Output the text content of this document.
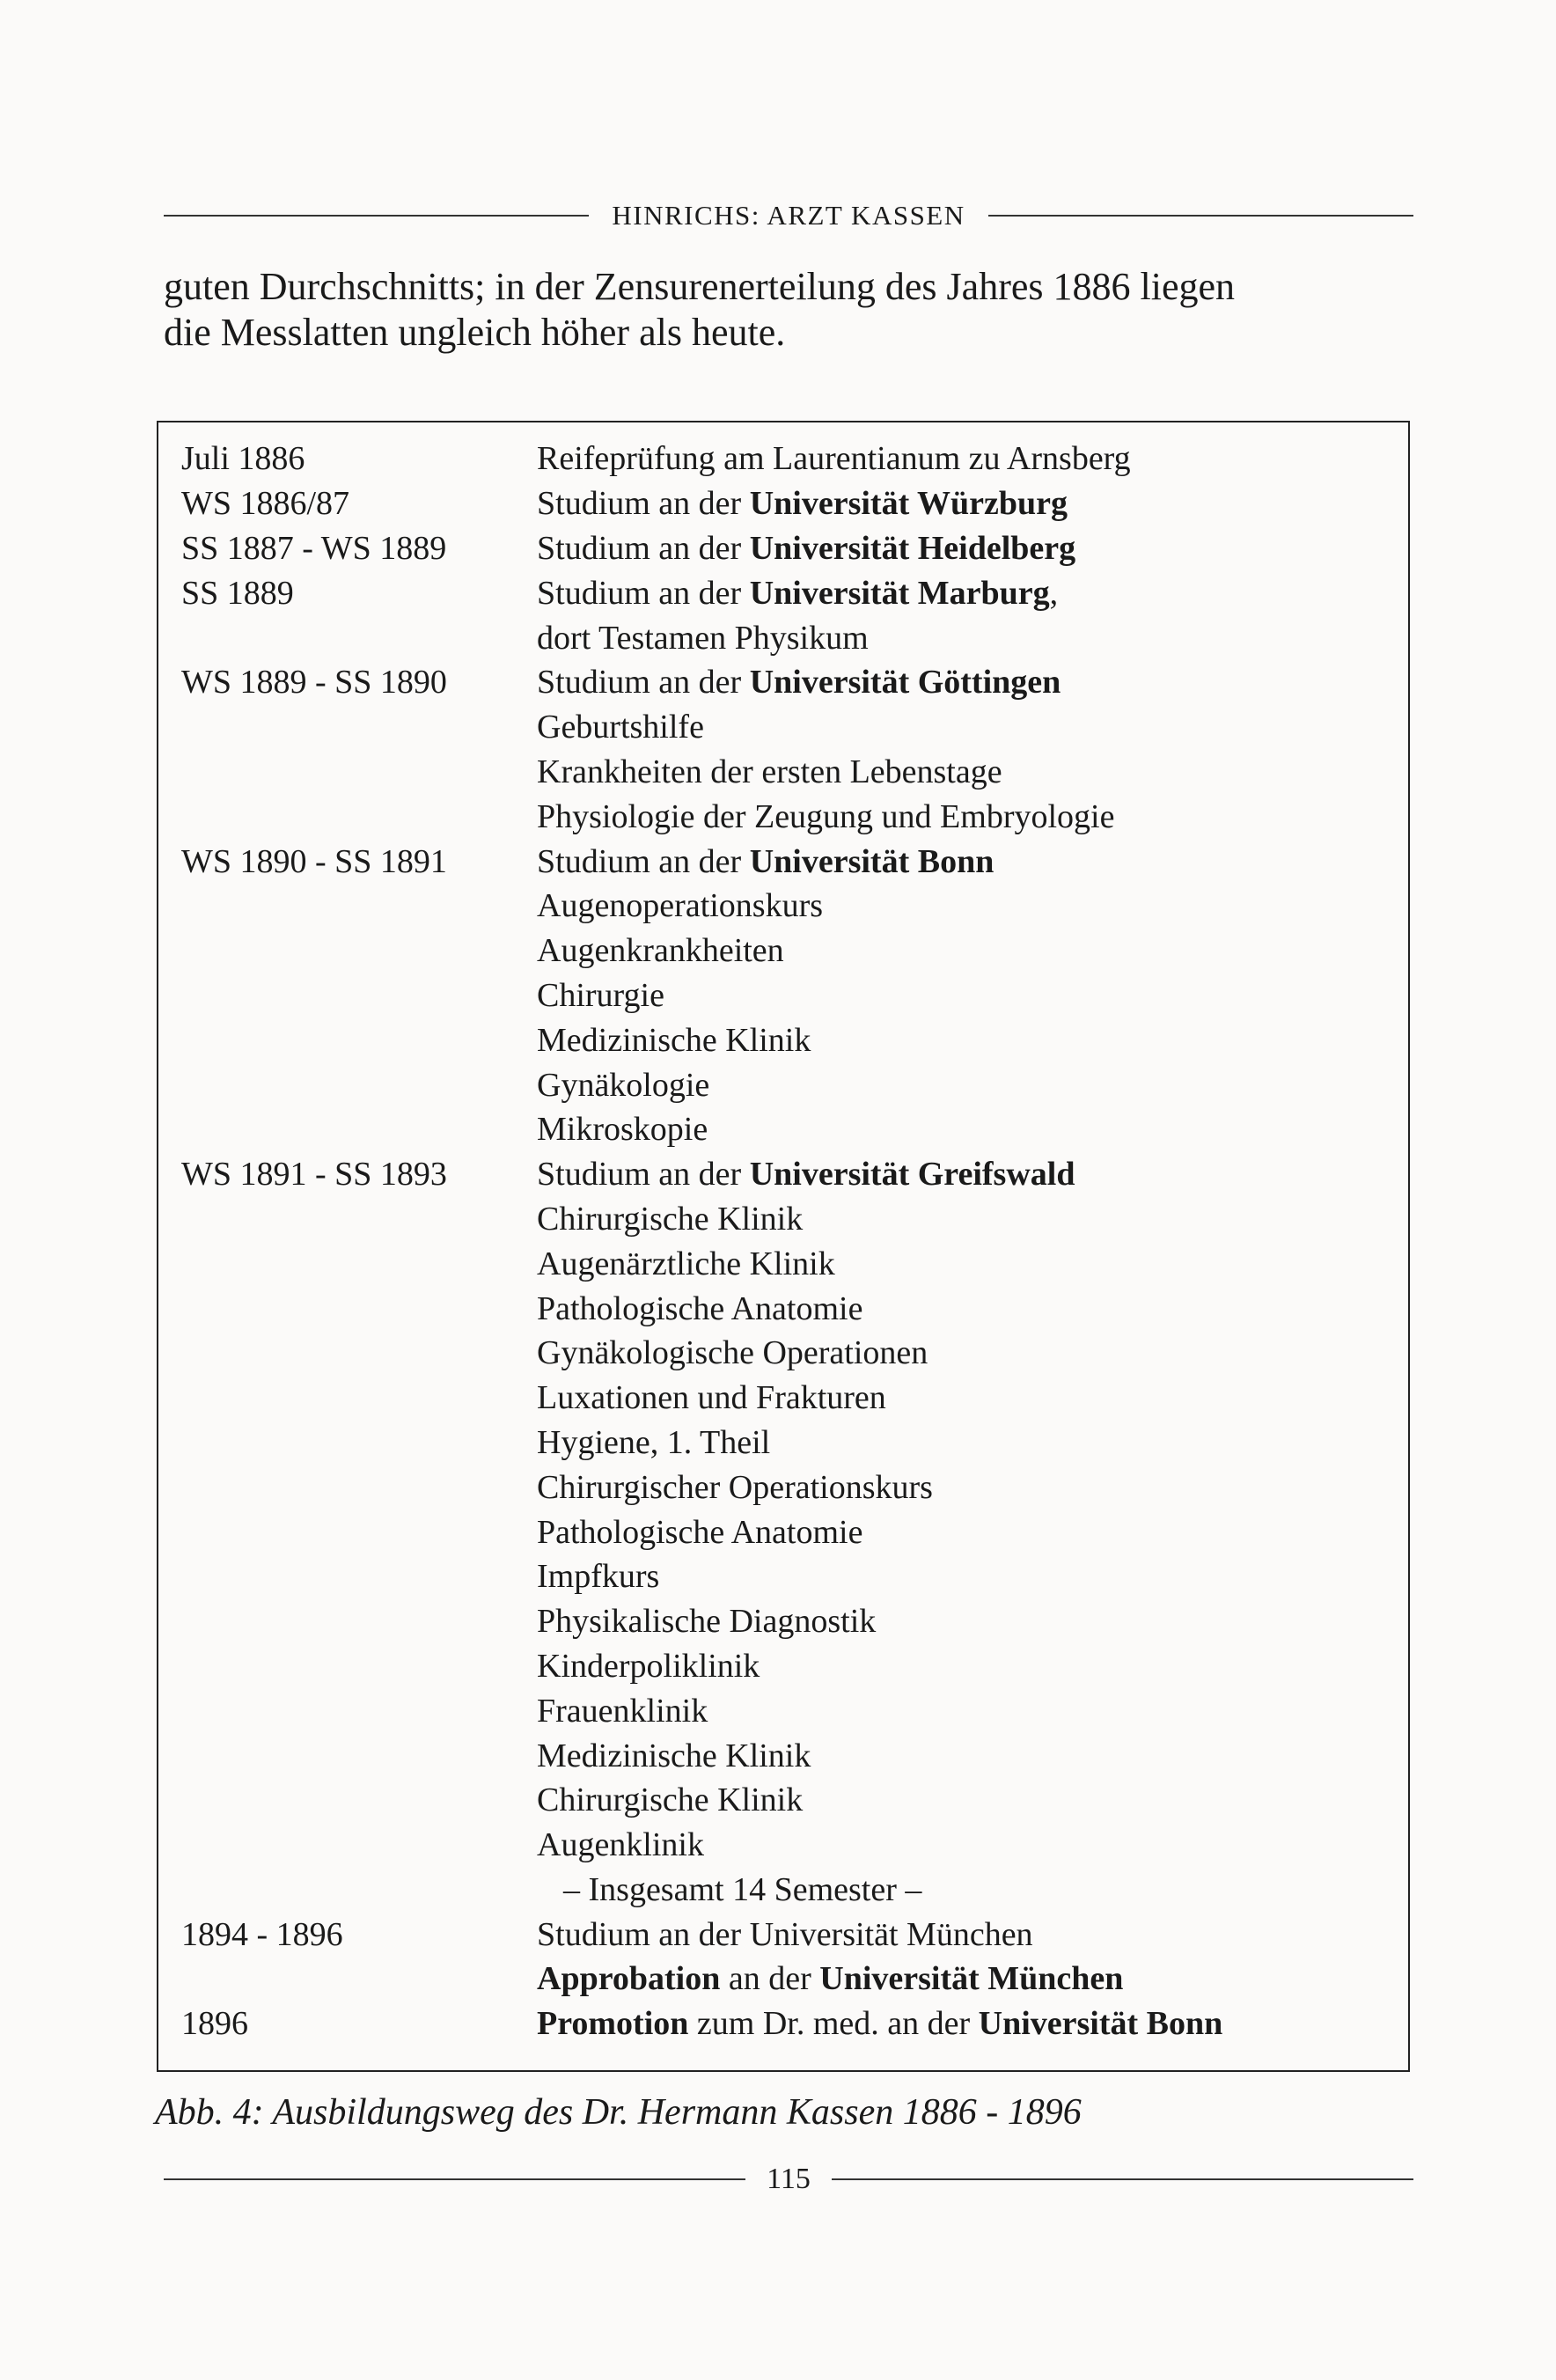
HINRICHS: ARZT KASSEN

guten Durchschnitts; in der Zensurenerteilung des Jahres 1886 liegen

die Messlatten ungleich höher als heute.

Juli 1886	Reifeprüfung am Laurentianum zu Arnsberg
WS 1886/87	Studium an der Universität Würzburg
SS 1887 - WS 1889	Studium an der Universität Heidelberg
SS 1889	Studium an der Universität Marburg,
dort Testamen Physikum
WS 1889 - SS 1890	Studium an der Universität Göttingen
Geburtshilfe
Krankheiten der ersten Lebenstage
Physiologie der Zeugung und Embryologie
WS 1890 - SS 1891	Studium an der Universität Bonn
Augenoperationskurs
Augenkrankheiten
Chirurgie
Medizinische Klinik
Gynäkologie
Mikroskopie
WS 1891 - SS 1893	Studium an der Universität Greifswald
Chirurgische Klinik
Augenärztliche Klinik
Pathologische Anatomie
Gynäkologische Operationen
Luxationen und Frakturen
Hygiene, 1. Theil
Chirurgischer Operationskurs
Pathologische Anatomie
Impfkurs
Physikalische Diagnostik
Kinderpoliklinik
Frauenklinik
Medizinische Klinik
Chirurgische Klinik
Augenklinik
– Insgesamt 14 Semester –
1894 - 1896	Studium an der Universität München
Approbation an der Universität München
1896	Promotion zum Dr. med. an der Universität Bonn
Abb. 4: Ausbildungsweg des Dr. Hermann Kassen 1886 - 1896
115
